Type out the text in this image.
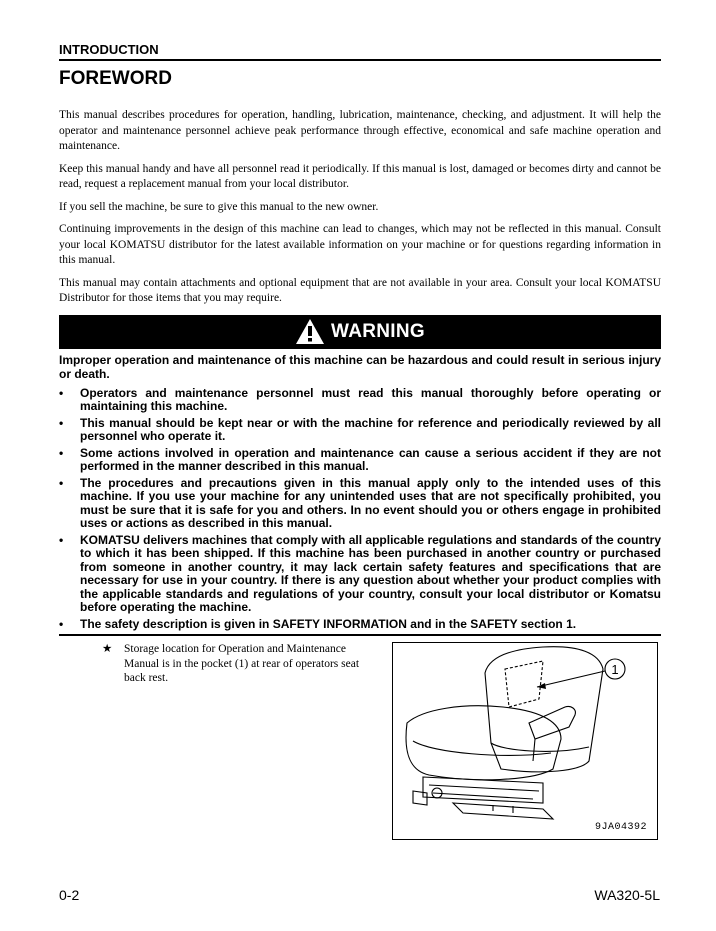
INTRODUCTION
FOREWORD

This manual describes procedures for operation, handling, lubrication, maintenance, checking, and adjustment. It will help the operator and maintenance personnel achieve peak performance through effective, economical and safe machine operation and maintenance.

Keep this manual handy and have all personnel read it periodically. If this manual is lost, damaged or becomes dirty and cannot be read, request a replacement manual from your local distributor.

If you sell the machine, be sure to give this manual to the new owner.

Continuing improvements in the design of this machine can lead to changes, which may not be reflected in this manual. Consult your local KOMATSU distributor for the latest available information on your machine or for questions regarding information in this manual.

This manual may contain attachments and optional equipment that are not available in your area. Consult your local KOMATSU Distributor for those items that you may require.

WARNING
Improper operation and maintenance of this machine can be hazardous and could result in serious injury or death.
•	Operators and maintenance personnel must read this manual thoroughly before operating or maintaining this machine.
•	This manual should be kept near or with the machine for reference and periodically reviewed by all personnel who operate it.
•	Some actions involved in operation and maintenance can cause a serious accident if they are not performed in the manner described in this manual.
•	The procedures and precautions given in this manual apply only to the intended uses of this machine. If you use your machine for any unintended uses that are not specifically prohibited, you must be sure that it is safe for you and others. In no event should you or others engage in prohibited uses or actions as described in this manual.
•	KOMATSU delivers machines that comply with all applicable regulations and standards of the country to which it has been shipped. If this machine has been purchased in another country or purchased from someone in another country, it may lack certain safety features and specifications that are necessary for use in your country. If there is any question about whether your product complies with the applicable standards and regulations of your country, consult your local distributor or Komatsu before operating the machine.
•	The safety description is given in SAFETY INFORMATION and in the SAFETY section 1.
★ Storage location for Operation and Maintenance Manual is in the pocket (1) at rear of operators seat back rest.
1
9JA04392
0-2	WA320-5L
